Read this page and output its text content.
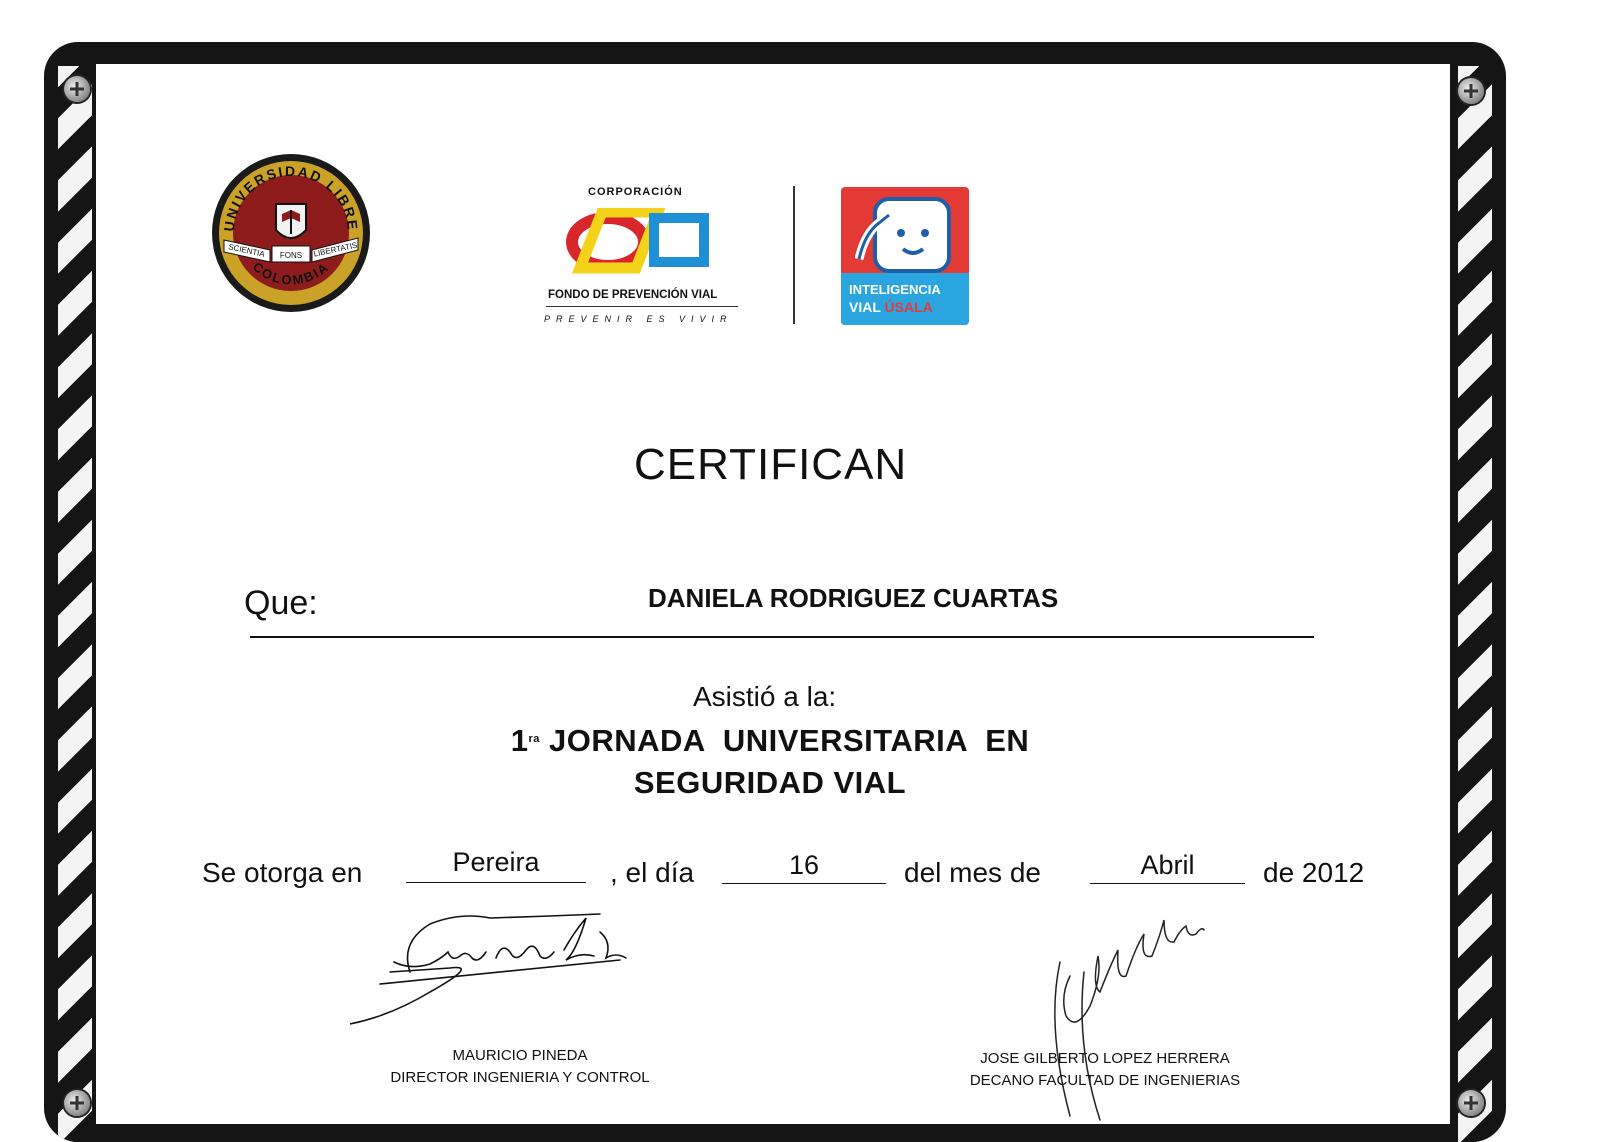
UNIVERSIDAD LIBRE
COLOMBIA
SCIENTIA FONS LIBERTATIS
CORPORACIÓN
FONDO DE PREVENCIÓN VIAL
PREVENIR ES VIVIR
INTELIGENCIA
VIAL ÚSALA
CERTIFICAN
Que:	DANIELA RODRIGUEZ CUARTAS
Asistió a la:
$1^{ra}$ JORNADA  UNIVERSITARIA  EN
SEGURIDAD VIAL
Se otorga en	Pereira	, el día	16	del mes de	Abril	de 2012
MAURICIO PINEDA
DIRECTOR INGENIERIA Y CONTROL
JOSE GILBERTO LOPEZ HERRERA
DECANO FACULTAD DE INGENIERIAS
